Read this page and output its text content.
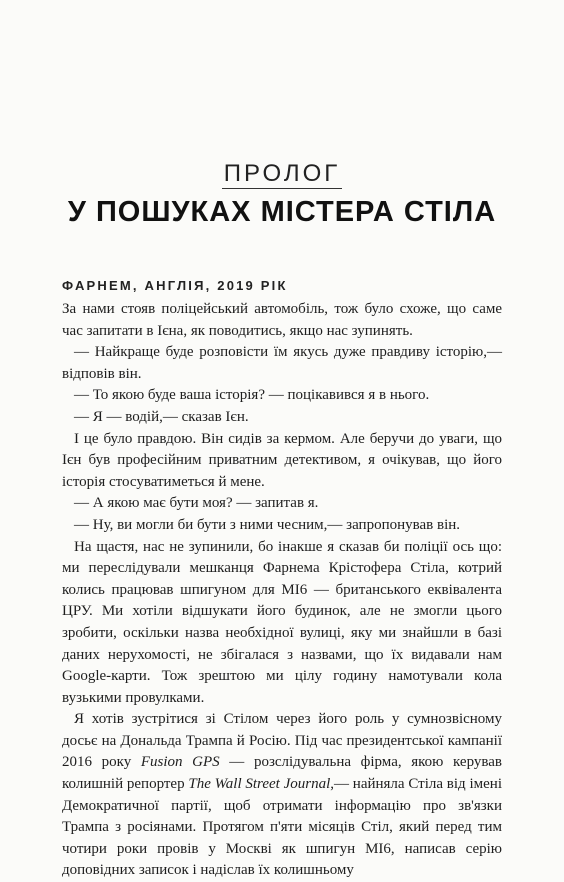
ПРОЛОГ
У ПОШУКАХ МІСТЕРА СТІЛА
ФАРНЕМ, АНГЛІЯ, 2019 РІК

За нами стояв поліцейський автомобіль, тож було схоже, що саме час запитати в Ієна, як поводитись, якщо нас зупинять.

— Найкраще буде розповісти їм якусь дуже правдиву історію,— відповів він.

— То якою буде ваша історія? — поцікавився я в нього.

— Я — водій,— сказав Ієн.

І це було правдою. Він сидів за кермом. Але беручи до уваги, що Ієн був професійним приватним детективом, я очікував, що його історія стосуватиметься й мене.

— А якою має бути моя? — запитав я.

— Ну, ви могли би бути з ними чесним,— запропонував він.

На щастя, нас не зупинили, бо інакше я сказав би поліції ось що: ми переслідували мешканця Фарнема Крістофера Стіла, котрий колись працював шпигуном для МІ6 — британського еквівалента ЦРУ. Ми хотіли відшукати його будинок, але не змогли цього зробити, оскільки назва необхідної вулиці, яку ми знайшли в базі даних нерухомості, не збігалася з назвами, що їх видавали нам Google-карти. Тож зрештою ми цілу годину намотували кола вузькими провулками.

Я хотів зустрітися зі Стілом через його роль у сумнозвісному досьє на Дональда Трампа й Росію. Під час президентської кампанії 2016 року Fusion GPS — розслідувальна фірма, якою керував колишній репортер The Wall Street Journal,— найняла Стіла від імені Демократичної партії, щоб отримати інформацію про зв'язки Трампа з росіянами. Протягом п'яти місяців Стіл, який перед тим чотири роки провів у Москві як шпигун МІ6, написав серію доповідних записок і надіслав їх колишньому
